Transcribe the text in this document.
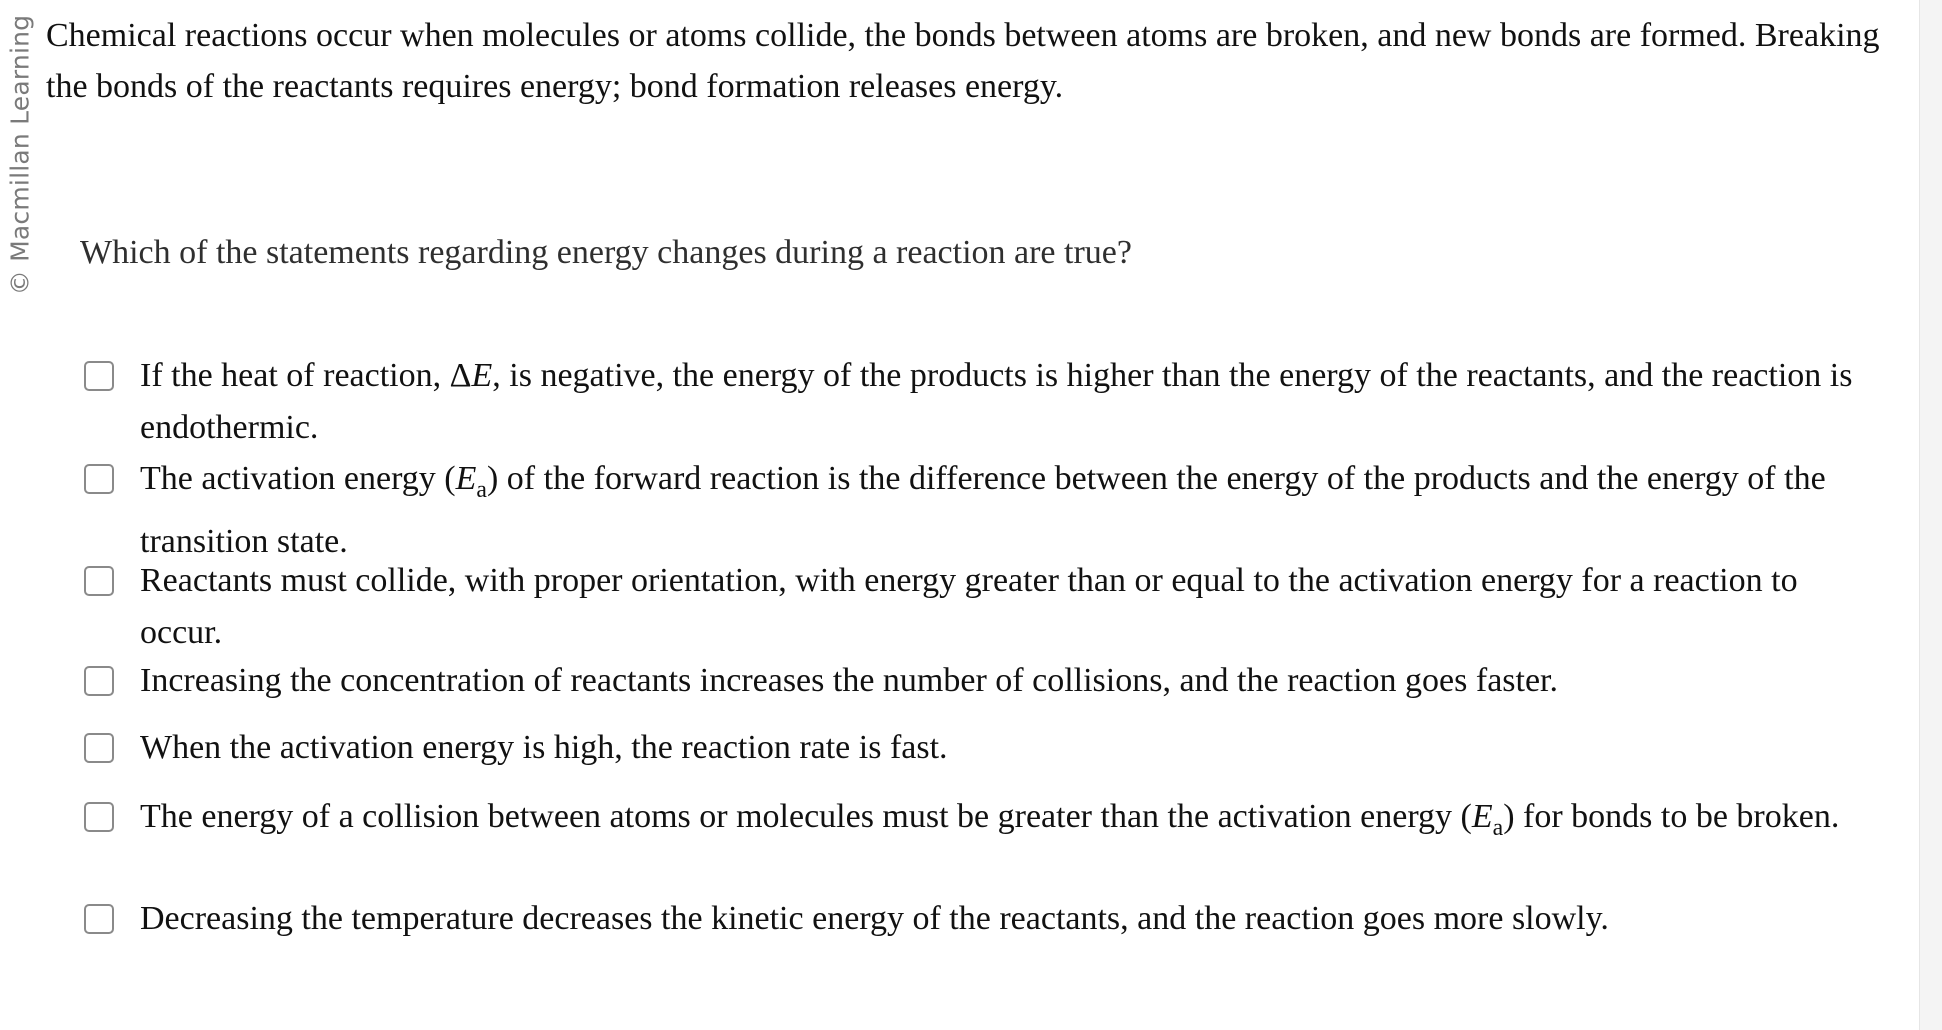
© Macmillan Learning Chemical reactions occur when molecules or atoms collide, the bonds between atoms are broken, and new bonds are formed. Breaking the bonds of the reactants requires energy; bond formation releases energy.

Which of the statements regarding energy changes during a reaction are true?

If the heat of reaction, ΔE, is negative, the energy of the products is higher than the energy of the reactants, and the reaction is endothermic.
The activation energy $(E_a)$ of the forward reaction is the difference between the energy of the products and the energy of the transition state.
Reactants must collide, with proper orientation, with energy greater than or equal to the activation energy for a reaction to occur.
Increasing the concentration of reactants increases the number of collisions, and the reaction goes faster.
When the activation energy is high, the reaction rate is fast.
The energy of a collision between atoms or molecules must be greater than the activation energy $(E_a)$ for bonds to be broken.
Decreasing the temperature decreases the kinetic energy of the reactants, and the reaction goes more slowly.
